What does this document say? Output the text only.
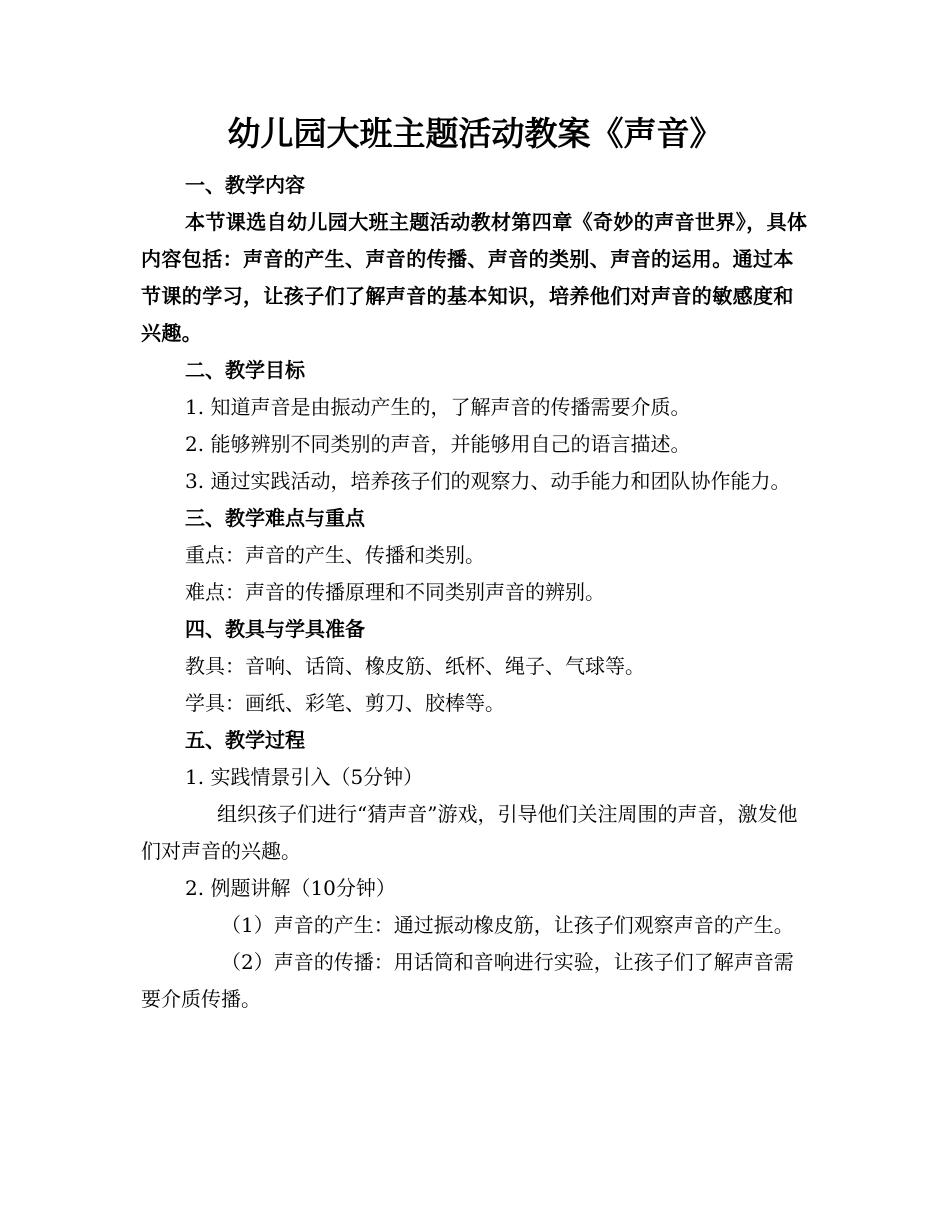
幼儿园大班主题活动教案《声音》

一、教学内容

本节课选自幼儿园大班主题活动教材第四章《奇妙的声音世界》，具体内容包括：声音的产生、声音的传播、声音的类别、声音的运用。通过本节课的学习，让孩子们了解声音的基本知识，培养他们对声音的敏感度和兴趣。

二、教学目标

1. 知道声音是由振动产生的，了解声音的传播需要介质。

2. 能够辨别不同类别的声音，并能够用自己的语言描述。

3. 通过实践活动，培养孩子们的观察力、动手能力和团队协作能力。

三、教学难点与重点

重点：声音的产生、传播和类别。

难点：声音的传播原理和不同类别声音的辨别。

四、教具与学具准备

教具：音响、话筒、橡皮筋、纸杯、绳子、气球等。

学具：画纸、彩笔、剪刀、胶棒等。

五、教学过程

1. 实践情景引入（5分钟）

组织孩子们进行“猜声音”游戏，引导他们关注周围的声音，激发他们对声音的兴趣。

2. 例题讲解（10分钟）

（1）声音的产生：通过振动橡皮筋，让孩子们观察声音的产生。

（2）声音的传播：用话筒和音响进行实验，让孩子们了解声音需要介质传播。
